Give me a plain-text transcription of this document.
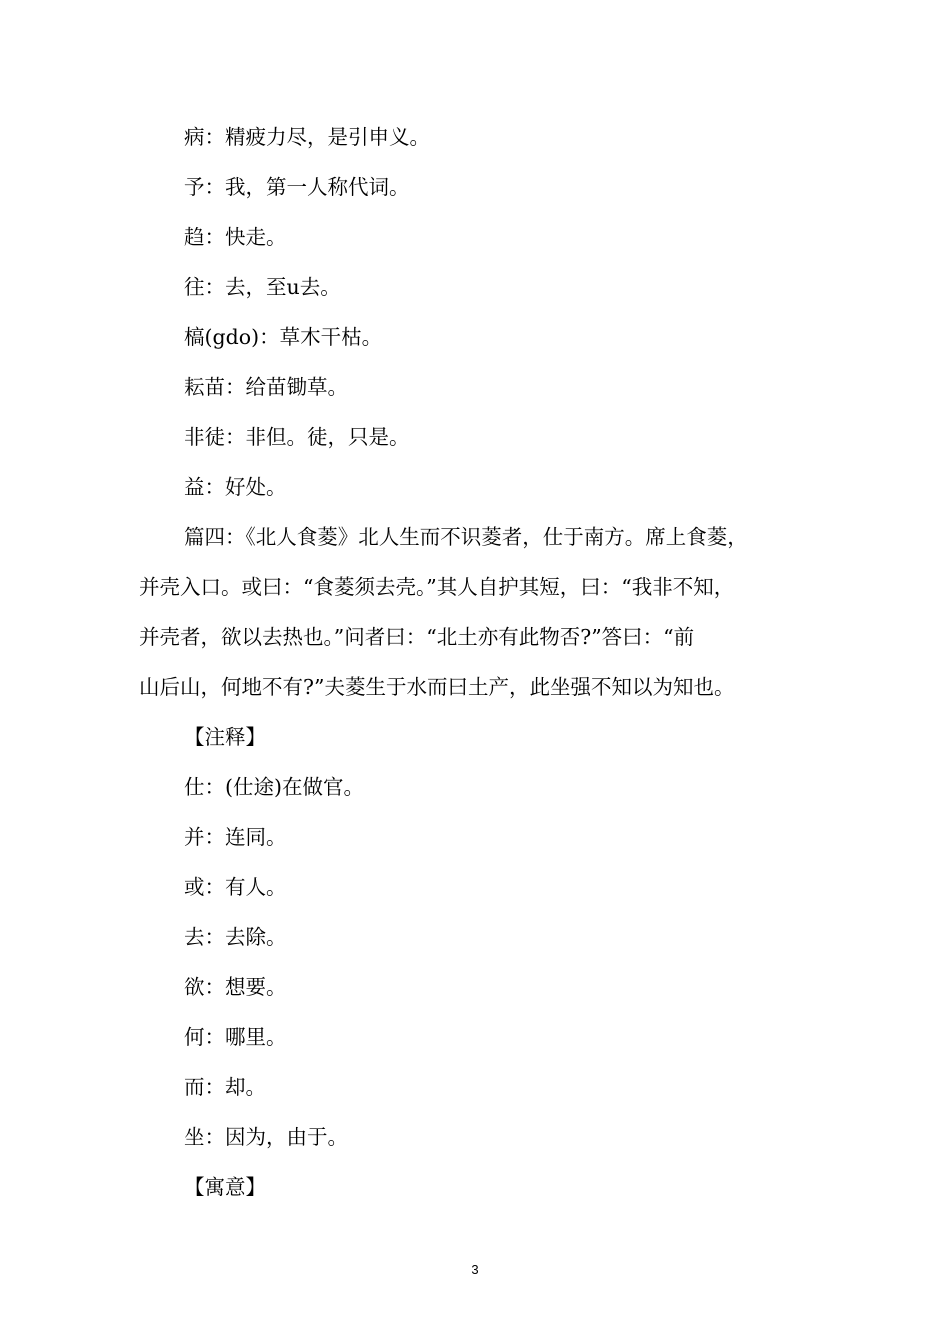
病：精疲力尽，是引申义。
予：我，第一人称代词。
趋：快走。
往：去，至u去。
槁(gdo)：草木干枯。
耘苗：给苗锄草。
非徒：非但。徒，只是。
益：好处。
篇四：《北人食菱》北人生而不识菱者，仕于南方。席上食菱，
并壳入口。或曰：“食菱须去壳。”其人自护其短，曰：“我非不知，
并壳者，欲以去热也。”问者曰：“北土亦有此物否?”答曰：“前
山后山，何地不有?”夫菱生于水而曰土产，此坐强不知以为知也。
【注释】
仕：(仕途)在做官。
并：连同。
或：有人。
去：去除。
欲：想要。
何：哪里。
而：却。
坐：因为，由于。
【寓意】
3
